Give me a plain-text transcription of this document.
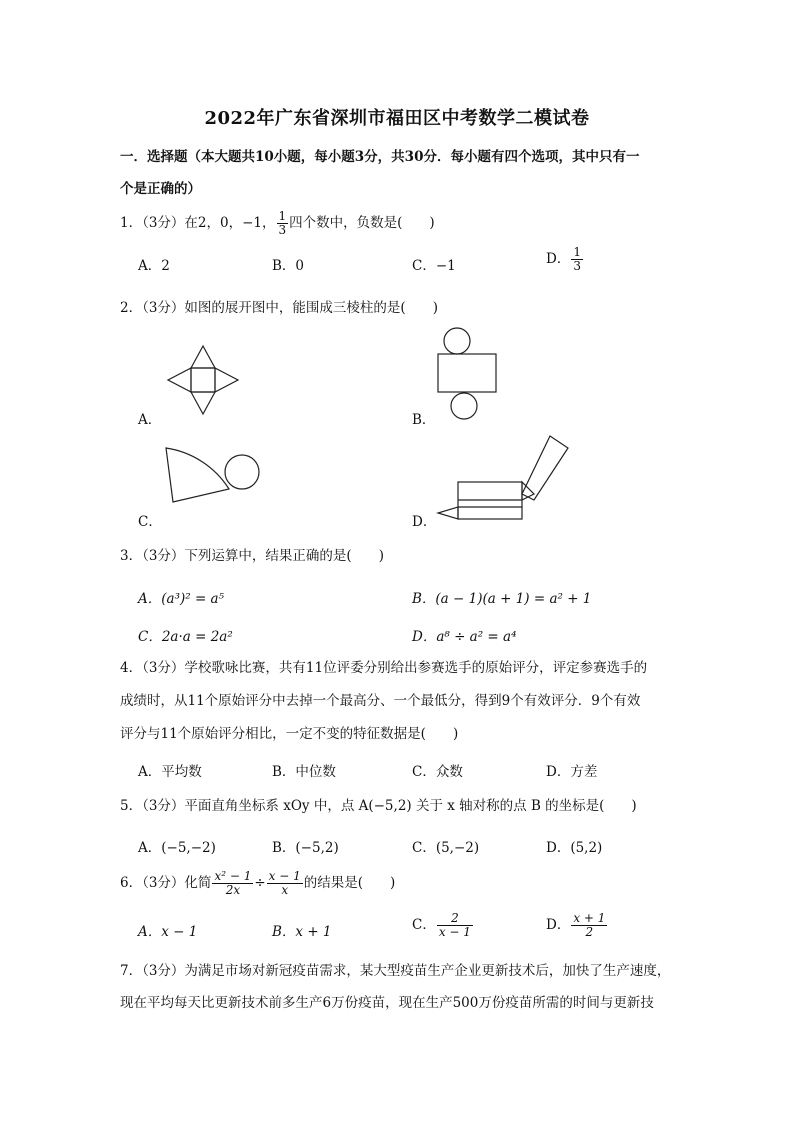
2022年广东省深圳市福田区中考数学二模试卷
一．选择题（本大题共10小题，每小题3分，共30分．每小题有四个选项，其中只有一
个是正确的）
1．（3分）在2，0，−1， $\frac{1}{3}$ 四个数中，负数是(　　)
A．2	B．0	C．−1	D． $\frac{1}{3}$
2．（3分）如图的展开图中，能围成三棱柱的是(　　)
A．	B．
C．	D．
3．（3分）下列运算中，结果正确的是(　　)
A．(a³)² = a⁵	B．(a − 1)(a + 1) = a² + 1
C．2a·a = 2a²	D．a⁸ ÷ a² = a⁴
4．（3分）学校歌咏比赛，共有11位评委分别给出参赛选手的原始评分，评定参赛选手的
成绩时，从11个原始评分中去掉一个最高分、一个最低分，得到9个有效评分．9个有效
评分与11个原始评分相比，一定不变的特征数据是(　　)
A．平均数	B．中位数	C．众数	D．方差
5．（3分）平面直角坐标系 xOy 中，点 A(−5,2) 关于 x 轴对称的点 B 的坐标是(　　)
A．(−5,−2)	B．(−5,2)	C．(5,−2)	D．(5,2)
6．（3分）化简 $\frac{\text{x² − 1}}{2x} \div \frac{x - 1}{x}$ 的结果是(　　)
A．x − 1	B．x + 1	C． $\frac{2}{x - 1}$	D． $\frac{x + 1}{2}$
7．（3分）为满足市场对新冠疫苗需求，某大型疫苗生产企业更新技术后，加快了生产速度，
现在平均每天比更新技术前多生产6万份疫苗，现在生产500万份疫苗所需的时间与更新技
